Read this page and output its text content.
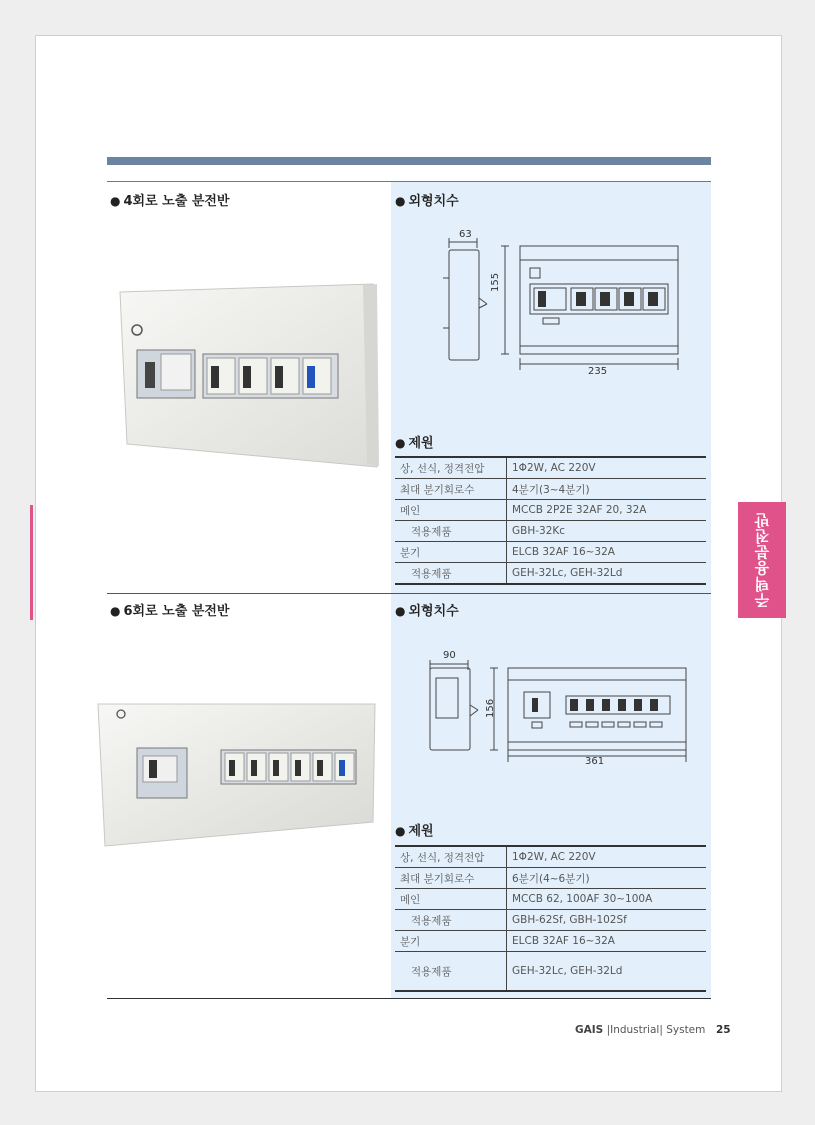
주택용분전반
● 4회로 노출 분전반	● 외형치수
63
155
235
● 제원
상, 선식, 정격전압	1Φ2W, AC 220V
최대 분기회로수	4분기(3~4분기)
메인	MCCB 2P2E 32AF 20, 32A
적용제품	GBH-32Kc
분기	ELCB 32AF 16~32A
적용제품	GEH-32Lc, GEH-32Ld
● 6회로 노출 분전반	● 외형치수
90
156
361
● 제원
상, 선식, 정격전압	1Φ2W, AC 220V
최대 분기회로수	6분기(4~6분기)
메인	MCCB 62, 100AF 30~100A
적용제품	GBH-62Sf, GBH-102Sf
분기	ELCB 32AF 16~32A
적용제품	GEH-32Lc, GEH-32Ld
GAIS |Industrial| System 25
